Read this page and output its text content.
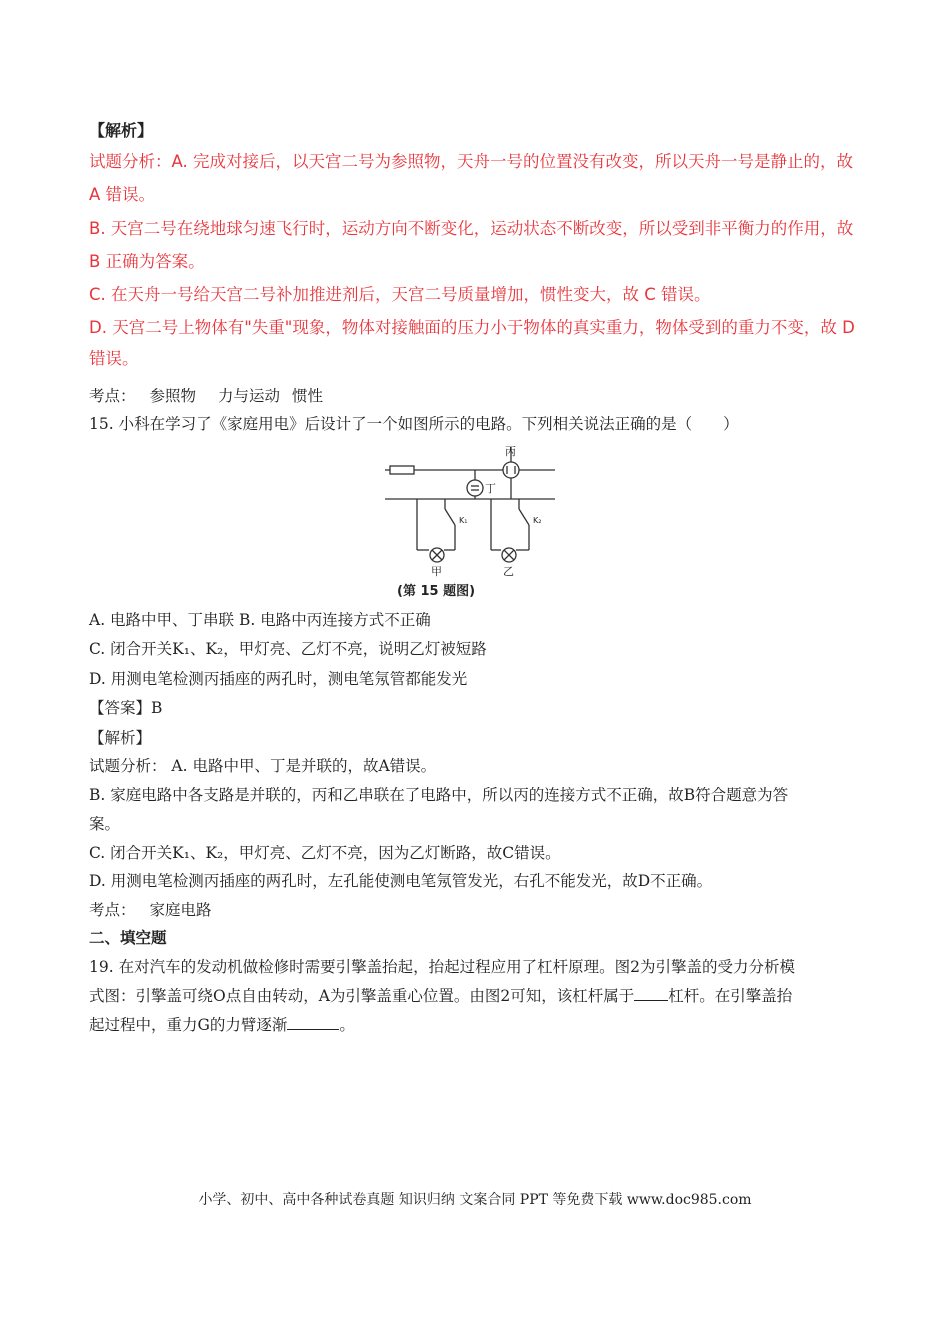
【解析】
试题分析：A. 完成对接后，以天宫二号为参照物，天舟一号的位置没有改变，所以天舟一号是静止的，故
A 错误。
B. 天宫二号在绕地球匀速飞行时，运动方向不断变化，运动状态不断改变，所以受到非平衡力的作用，故
B 正确为答案。
C. 在天舟一号给天宫二号补加推进剂后，天宫二号质量增加，惯性变大，故 C 错误。
D. 天宫二号上物体有"失重"现象，物体对接触面的压力小于物体的真实重力，物体受到的重力不变，故 D
错误。
考点： 参照物 力与运动 惯性
15. 小科在学习了《家庭用电》后设计了一个如图所示的电路。下列相关说法正确的是（　　）
丙
丁
K₁	K₂
甲	乙
(第 15 题图)
A. 电路中甲、丁串联 B. 电路中丙连接方式不正确
C. 闭合开关K₁、K₂，甲灯亮、乙灯不亮，说明乙灯被短路
D. 用测电笔检测丙插座的两孔时，测电笔氖管都能发光
【答案】B
【解析】
试题分析： A. 电路中甲、丁是并联的，故A错误。
B. 家庭电路中各支路是并联的，丙和乙串联在了电路中，所以丙的连接方式不正确，故B符合题意为答
案。
C. 闭合开关K₁、K₂，甲灯亮、乙灯不亮，因为乙灯断路，故C错误。
D. 用测电笔检测丙插座的两孔时，左孔能使测电笔氖管发光，右孔不能发光，故D不正确。
考点： 家庭电路
二、填空题
19. 在对汽车的发动机做检修时需要引擎盖抬起，抬起过程应用了杠杆原理。图2为引擎盖的受力分析模
式图：引擎盖可绕O点自由转动，A为引擎盖重心位置。由图2可知，该杠杆属于 杠杆。在引擎盖抬
起过程中，重力G的力臂逐渐	。
小学、初中、高中各种试卷真题 知识归纳 文案合同 PPT 等免费下载 www.doc985.com
